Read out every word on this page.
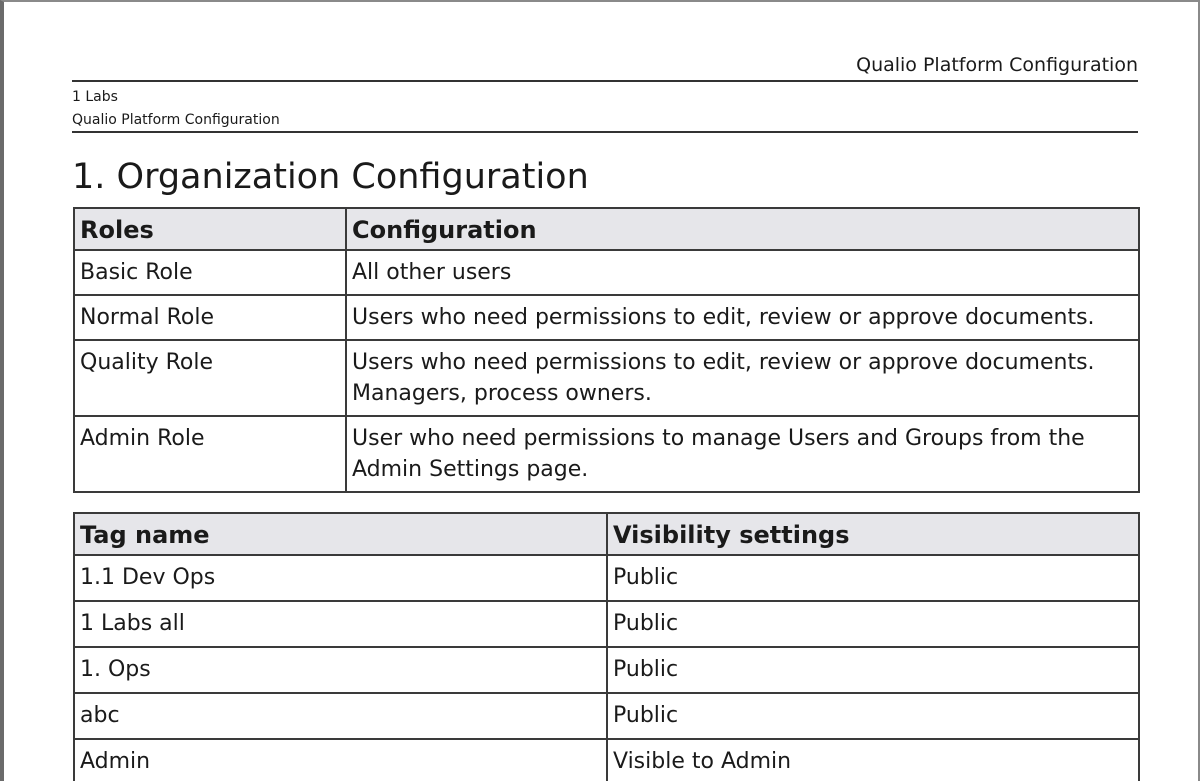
Qualio Platform Configuration
1 Labs
Qualio Platform Configuration
1. Organization Configuration
Roles	Configuration
Basic Role	All other users
Normal Role	Users who need permissions to edit, review or approve documents.
Quality Role	Users who need permissions to edit, review or approve documents. Managers, process owners.
Admin Role	User who need permissions to manage Users and Groups from the Admin Settings page.
Tag name	Visibility settings
1.1 Dev Ops	Public
1 Labs all	Public
1. Ops	Public
abc	Public
Admin	Visible to Admin
